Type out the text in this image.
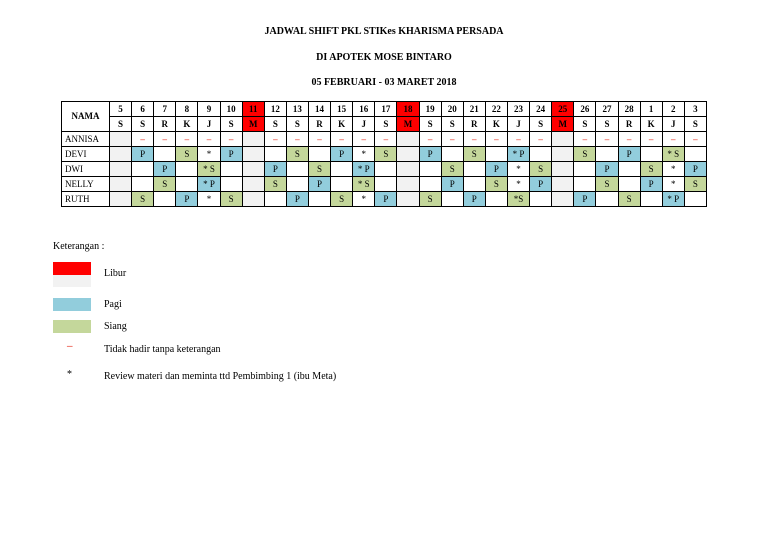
JADWAL SHIFT PKL STIKes KHARISMA PERSADA
DI APOTEK MOSE BINTARO
05 FEBRUARI - 03 MARET 2018
NAMA	5	6	7	8	9	10	11	12	13	14	15	16	17	18	19	20	21	22	23	24	25	26	27	28	1	2	3
	S	S	R	K	J	S	M	S	S	R	K	J	S	M	S	S	R	K	J	S	M	S	S	R	K	J	S
ANNISA		–	–	–	–	–		–	–	–	–	–	–		–	–	–	–	–	–		–	–	–	–	–	–
DEVI		P		S	*	P			S		P	*	S		P		S		* P			S		P		* S	
DWI			P		* S			P		S		* P				S		P	*	S			P		S	*	P
NELLY			S		* P			S		P		* S				P		S	*	P			S		P	*	S
RUTH		S		P	*	S			P		S	*	P		S		P		*S			P		S		* P	
Keterangan :
Libur
Pagi
Siang
–	Tidak hadir tanpa keterangan
*	Review materi dan meminta ttd Pembimbing 1 (ibu Meta)
